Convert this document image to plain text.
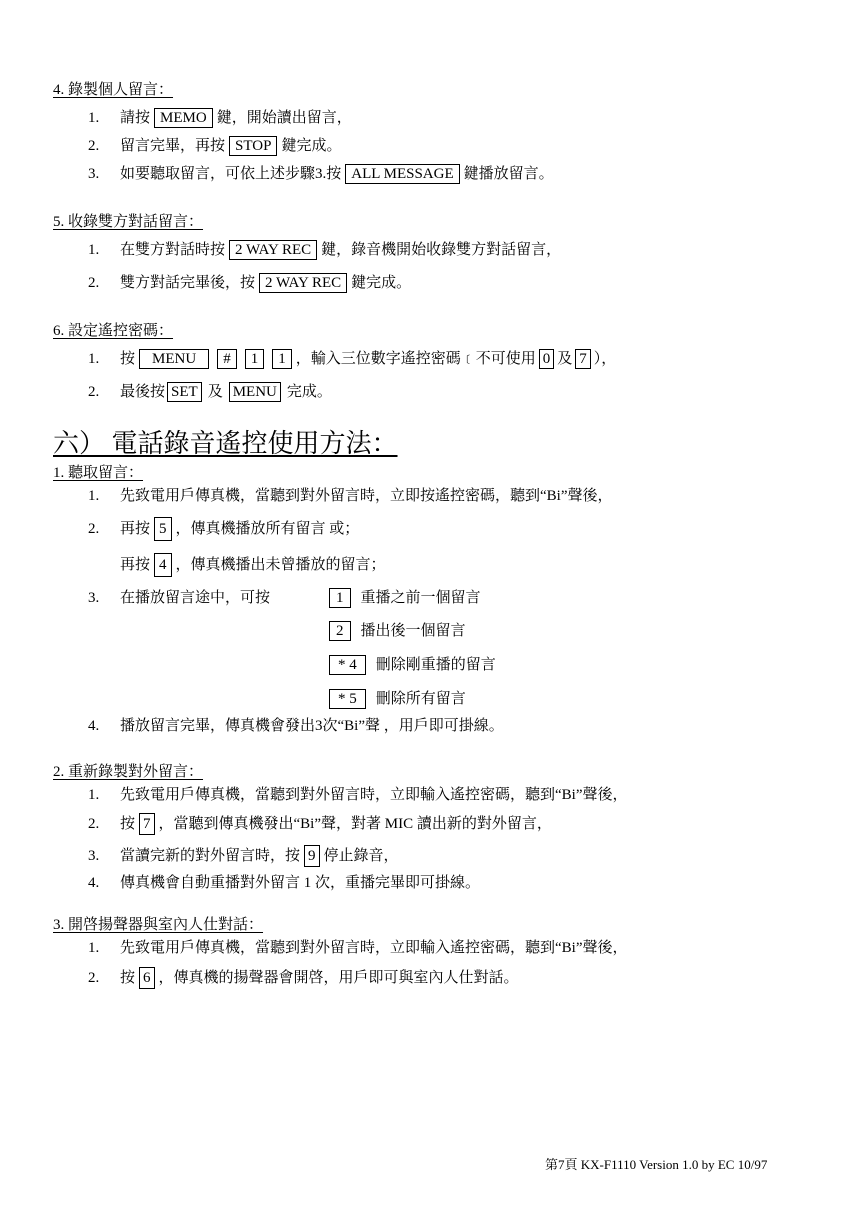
4. 錄製個人留言：
1. 請按 MEMO 鍵，開始讀出留言，
2. 留言完畢，再按 STOP 鍵完成。
3. 如要聽取留言，可依上述步驟3.按 ALL MESSAGE 鍵播放留言。
5. 收錄雙方對話留言：
1. 在雙方對話時按 2 WAY REC 鍵，錄音機開始收錄雙方對話留言，
2. 雙方對話完畢後，按 2 WAY REC 鍵完成。
6. 設定遙控密碼：
1. 按 MENU # 1 1 ，輸入三位數字遙控密碼﹝不可使用 0 及 7 ），
2. 最後按 SET 及 MENU 完成。
六） 電話錄音遙控使用方法：
1. 聽取留言：
1. 先致電用戶傳真機，當聽到對外留言時，立即按遙控密碼，聽到“Bi”聲後，
2. 再按 5 ，傳真機播放所有留言 或；
再按 4 ，傳真機播出未曾播放的留言；
3. 在播放留言途中，可按	1 重播之前一個留言
2 播出後一個留言
* 4 刪除剛重播的留言
* 5 刪除所有留言
4. 播放留言完畢，傳真機會發出3次“Bi”聲 ，用戶即可掛線。
2. 重新錄製對外留言：
1. 先致電用戶傳真機，當聽到對外留言時，立即輸入遙控密碼，聽到“Bi”聲後，
2. 按 7 ，當聽到傳真機發出“Bi”聲，對著 MIC 讀出新的對外留言，
3. 當讀完新的對外留言時，按 9 停止錄音，
4. 傳真機會自動重播對外留言 1 次，重播完畢即可掛線。
3. 開啓揚聲器與室內人仕對話：
1. 先致電用戶傳真機，當聽到對外留言時，立即輸入遙控密碼，聽到“Bi”聲後，
2. 按 6 ，傳真機的揚聲器會開啓，用戶即可與室內人仕對話。
第7頁 KX-F1110 Version 1.0 by EC 10/97
